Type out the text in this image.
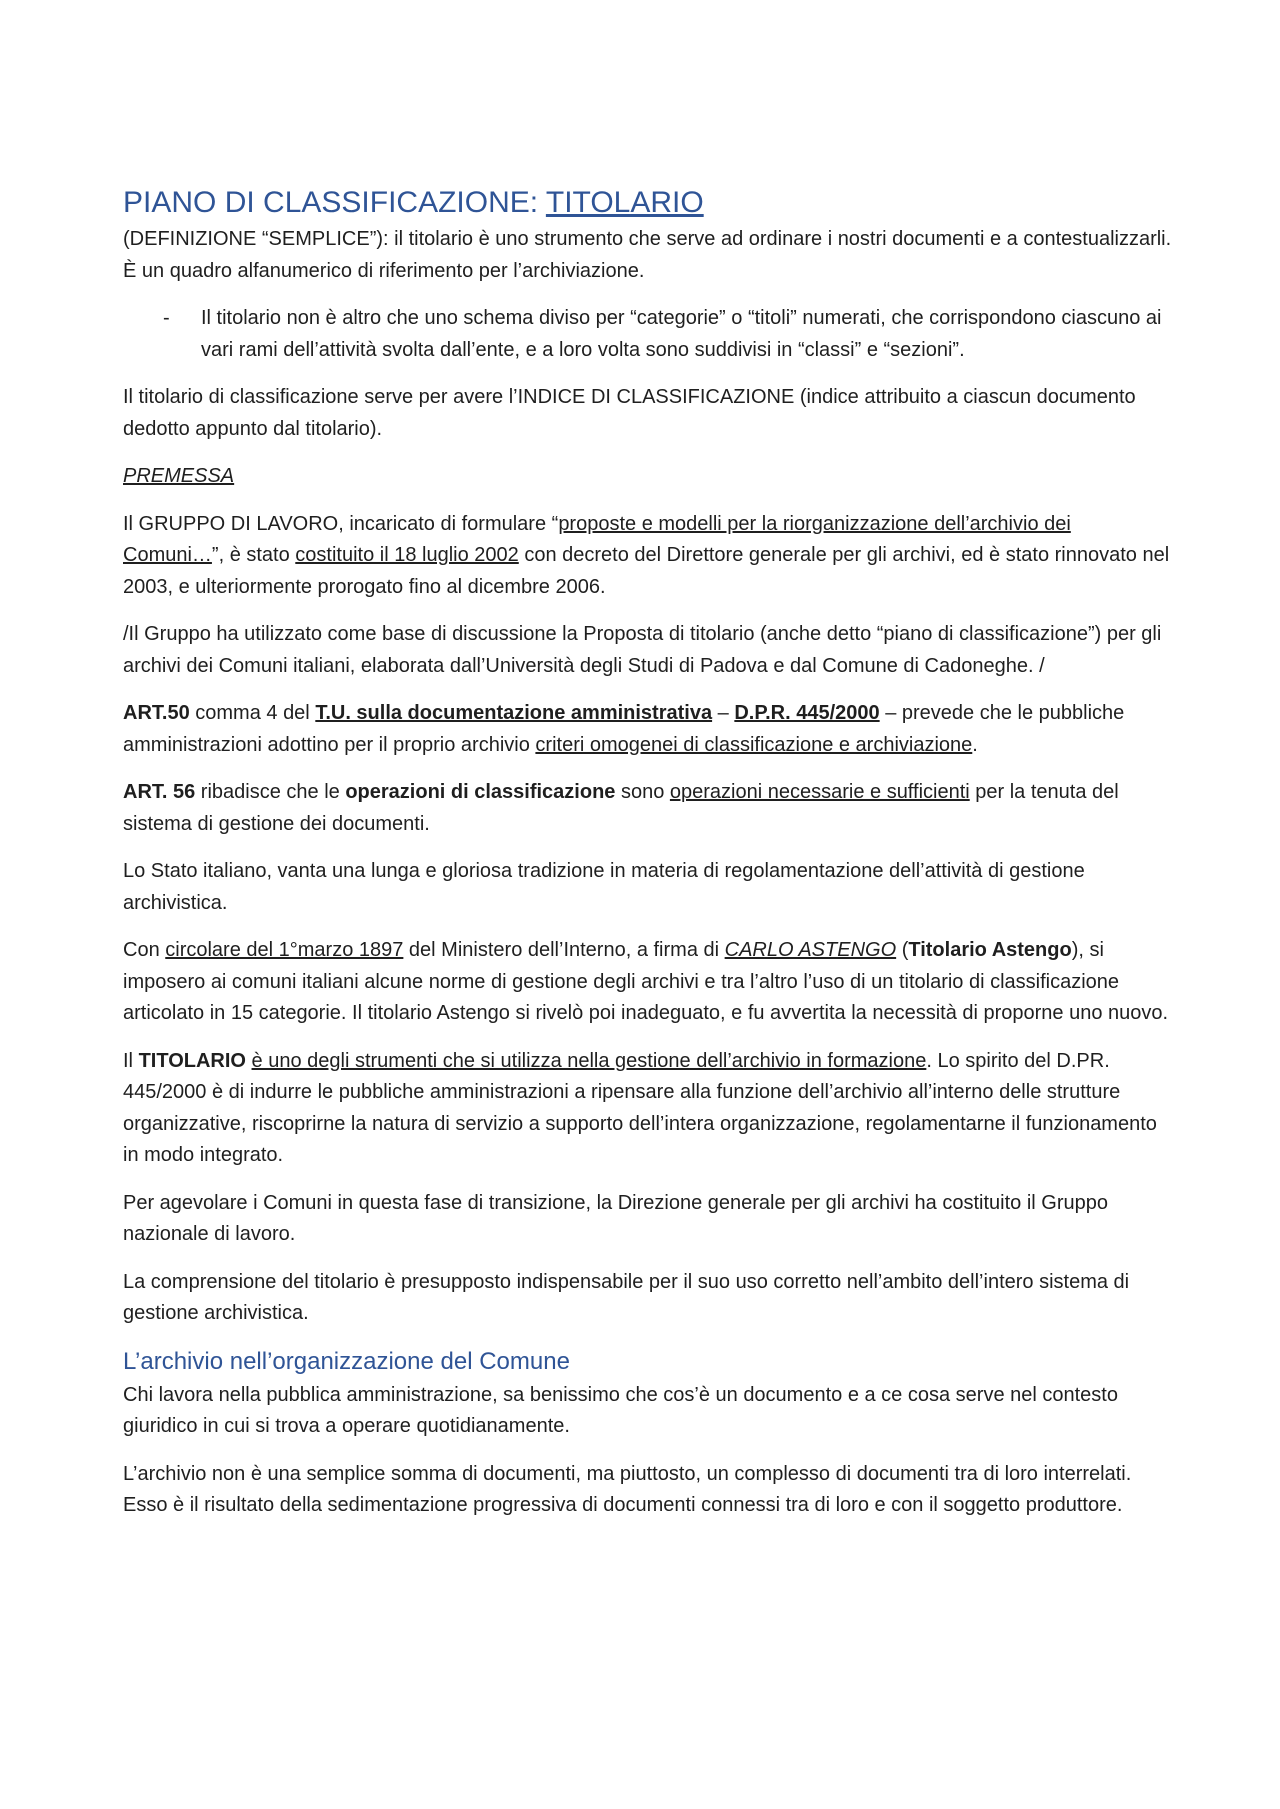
PIANO DI CLASSIFICAZIONE: TITOLARIO

(DEFINIZIONE “SEMPLICE”): il titolario è uno strumento che serve ad ordinare i nostri documenti e a contestualizzarli. È un quadro alfanumerico di riferimento per l’archiviazione.

- Il titolario non è altro che uno schema diviso per “categorie” o “titoli” numerati, che corrispondono ciascuno ai vari rami dell’attività svolta dall’ente, e a loro volta sono suddivisi in “classi” e “sezioni”.

Il titolario di classificazione serve per avere l’INDICE DI CLASSIFICAZIONE (indice attribuito a ciascun documento dedotto appunto dal titolario).

PREMESSA

Il GRUPPO DI LAVORO, incaricato di formulare “proposte e modelli per la riorganizzazione dell’archivio dei Comuni…”, è stato costituito il 18 luglio 2002 con decreto del Direttore generale per gli archivi, ed è stato rinnovato nel 2003, e ulteriormente prorogato fino al dicembre 2006.

/Il Gruppo ha utilizzato come base di discussione la Proposta di titolario (anche detto “piano di classificazione”) per gli archivi dei Comuni italiani, elaborata dall’Università degli Studi di Padova e dal Comune di Cadoneghe. /

ART.50 comma 4 del T.U. sulla documentazione amministrativa – D.P.R. 445/2000 – prevede che le pubbliche amministrazioni adottino per il proprio archivio criteri omogenei di classificazione e archiviazione.

ART. 56 ribadisce che le operazioni di classificazione sono operazioni necessarie e sufficienti per la tenuta del sistema di gestione dei documenti.

Lo Stato italiano, vanta una lunga e gloriosa tradizione in materia di regolamentazione dell’attività di gestione archivistica.

Con circolare del 1°marzo 1897 del Ministero dell’Interno, a firma di CARLO ASTENGO (Titolario Astengo), si imposero ai comuni italiani alcune norme di gestione degli archivi e tra l’altro l’uso di un titolario di classificazione articolato in 15 categorie. Il titolario Astengo si rivelò poi inadeguato, e fu avvertita la necessità di proporne uno nuovo.

Il TITOLARIO è uno degli strumenti che si utilizza nella gestione dell’archivio in formazione. Lo spirito del D.PR. 445/2000 è di indurre le pubbliche amministrazioni a ripensare alla funzione dell’archivio all’interno delle strutture organizzative, riscoprirne la natura di servizio a supporto dell’intera organizzazione, regolamentarne il funzionamento in modo integrato.

Per agevolare i Comuni in questa fase di transizione, la Direzione generale per gli archivi ha costituito il Gruppo nazionale di lavoro.

La comprensione del titolario è presupposto indispensabile per il suo uso corretto nell’ambito dell’intero sistema di gestione archivistica.

L’archivio nell’organizzazione del Comune

Chi lavora nella pubblica amministrazione, sa benissimo che cos’è un documento e a ce cosa serve nel contesto giuridico in cui si trova a operare quotidianamente.

L’archivio non è una semplice somma di documenti, ma piuttosto, un complesso di documenti tra di loro interrelati. Esso è il risultato della sedimentazione progressiva di documenti connessi tra di loro e con il soggetto produttore.
